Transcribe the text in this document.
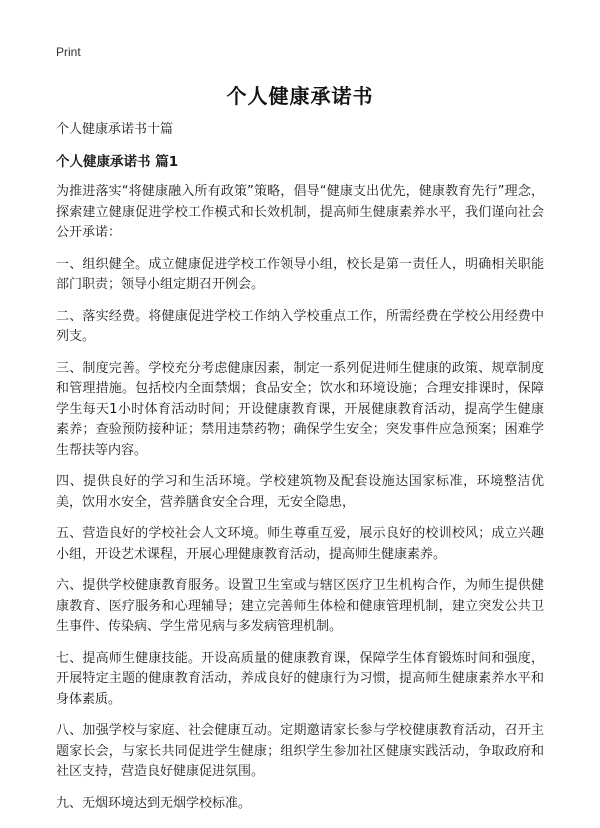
Print
个人健康承诺书

个人健康承诺书十篇

个人健康承诺书 篇1

为推进落实“将健康融入所有政策”策略，倡导“健康支出优先，健康教育先行”理念，探索建立健康促进学校工作模式和长效机制，提高师生健康素养水平，我们谨向社会公开承诺：

一、组织健全。成立健康促进学校工作领导小组，校长是第一责任人，明确相关职能部门职责；领导小组定期召开例会。

二、落实经费。将健康促进学校工作纳入学校重点工作，所需经费在学校公用经费中列支。

三、制度完善。学校充分考虑健康因素，制定一系列促进师生健康的政策、规章制度和管理措施。包括校内全面禁烟；食品安全；饮水和环境设施；合理安排课时，保障学生每天1小时体育活动时间；开设健康教育课，开展健康教育活动，提高学生健康素养；查验预防接种证；禁用违禁药物；确保学生安全；突发事件应急预案；困难学生帮扶等内容。

四、提供良好的学习和生活环境。学校建筑物及配套设施达国家标准，环境整洁优美，饮用水安全，营养膳食安全合理，无安全隐患，

五、营造良好的学校社会人文环境。师生尊重互爱，展示良好的校训校风；成立兴趣小组，开设艺术课程，开展心理健康教育活动，提高师生健康素养。

六、提供学校健康教育服务。设置卫生室或与辖区医疗卫生机构合作，为师生提供健康教育、医疗服务和心理辅导；建立完善师生体检和健康管理机制，建立突发公共卫生事件、传染病、学生常见病与多发病管理机制。

七、提高师生健康技能。开设高质量的健康教育课，保障学生体育锻炼时间和强度，开展特定主题的健康教育活动，养成良好的健康行为习惯，提高师生健康素养水平和身体素质。

八、加强学校与家庭、社会健康互动。定期邀请家长参与学校健康教育活动，召开主题家长会，与家长共同促进学生健康；组织学生参加社区健康实践活动，争取政府和社区支持，营造良好健康促进氛围。

九、无烟环境达到无烟学校标准。
